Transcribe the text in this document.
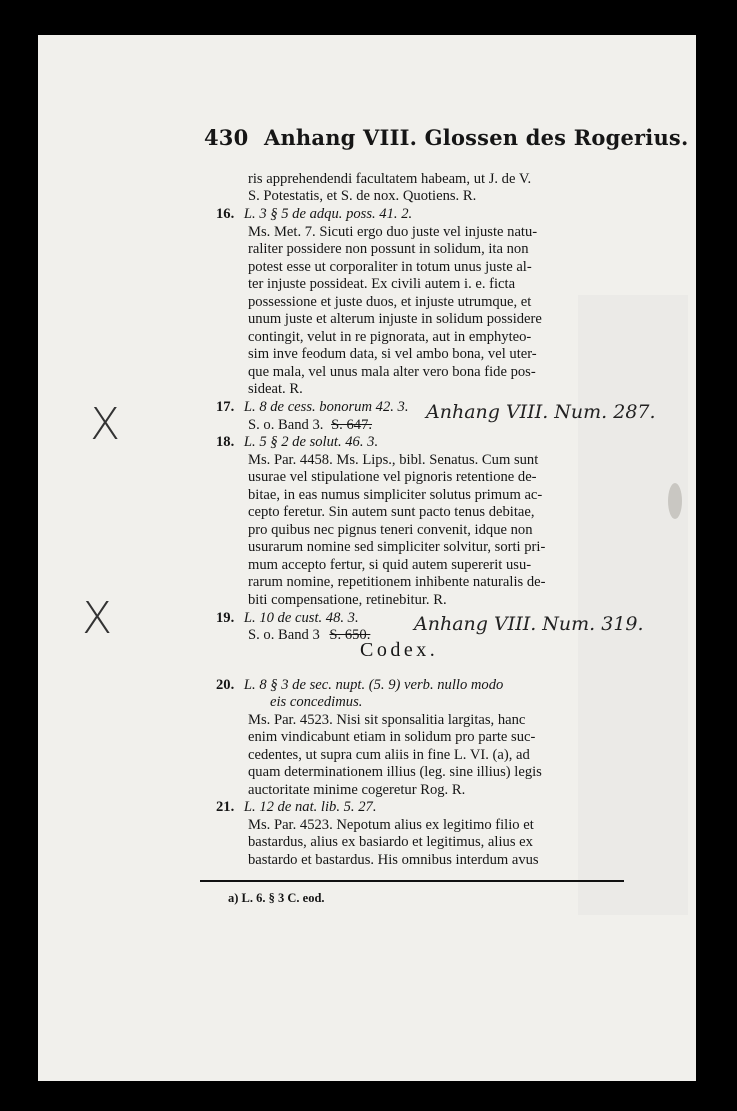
430 Anhang VIII. Glossen des Rogerius.
ris apprehendendi facultatem habeam, ut J. de V.
S. Potestatis, et S. de nox. Quotiens. R.
16. L. 3 § 5 de adqu. poss. 41. 2.
Ms. Met. 7. Sicuti ergo duo juste vel injuste natu-
raliter possidere non possunt in solidum, ita non
potest esse ut corporaliter in totum unus juste al-
ter injuste possideat. Ex civili autem i. e. ficta
possessione et juste duos, et injuste utrumque, et
unum juste et alterum injuste in solidum possidere
contingit, velut in re pignorata, aut in emphyteo-
sim inve feodum data, si vel ambo bona, vel uter-
que mala, vel unus mala alter vero bona fide pos-
sideat. R.
17. L. 8 de cess. bonorum 42. 3.
S. o. Band 3. S. 647.
Anhang VIII. Num. 287.
18. L. 5 § 2 de solut. 46. 3.
Ms. Par. 4458. Ms. Lips., bibl. Senatus. Cum sunt
usurae vel stipulatione vel pignoris retentione de-
bitae, in eas numus simpliciter solutus primum ac-
cepto feretur. Sin autem sunt pacto tenus debitae,
pro quibus nec pignus teneri convenit, idque non
usurarum nomine sed simpliciter solvitur, sorti pri-
mum accepto fertur, si quid autem supererit usu-
rarum nomine, repetitionem inhibente naturalis de-
biti compensatione, retinebitur. R.
19. L. 10 de cust. 48. 3.
S. o. Band 3 S. 650. Anhang VIII. Num. 319.
Codex.
20. L. 8 § 3 de sec. nupt. (5. 9) verb. nullo modo
eis concedimus.
Ms. Par. 4523. Nisi sit sponsalitia largitas, hanc
enim vindicabunt etiam in solidum pro parte suc-
cedentes, ut supra cum aliis in fine L. VI. (a), ad
quam determinationem illius (leg. sine illius) legis
auctoritate minime cogeretur Rog. R.
21. L. 12 de nat. lib. 5. 27.
Ms. Par. 4523. Nepotum alius ex legitimo filio et
bastardus, alius ex basiardo et legitimus, alius ex
bastardo et bastardus. His omnibus interdum avus
a) L. 6. § 3 C. eod.
X
X
